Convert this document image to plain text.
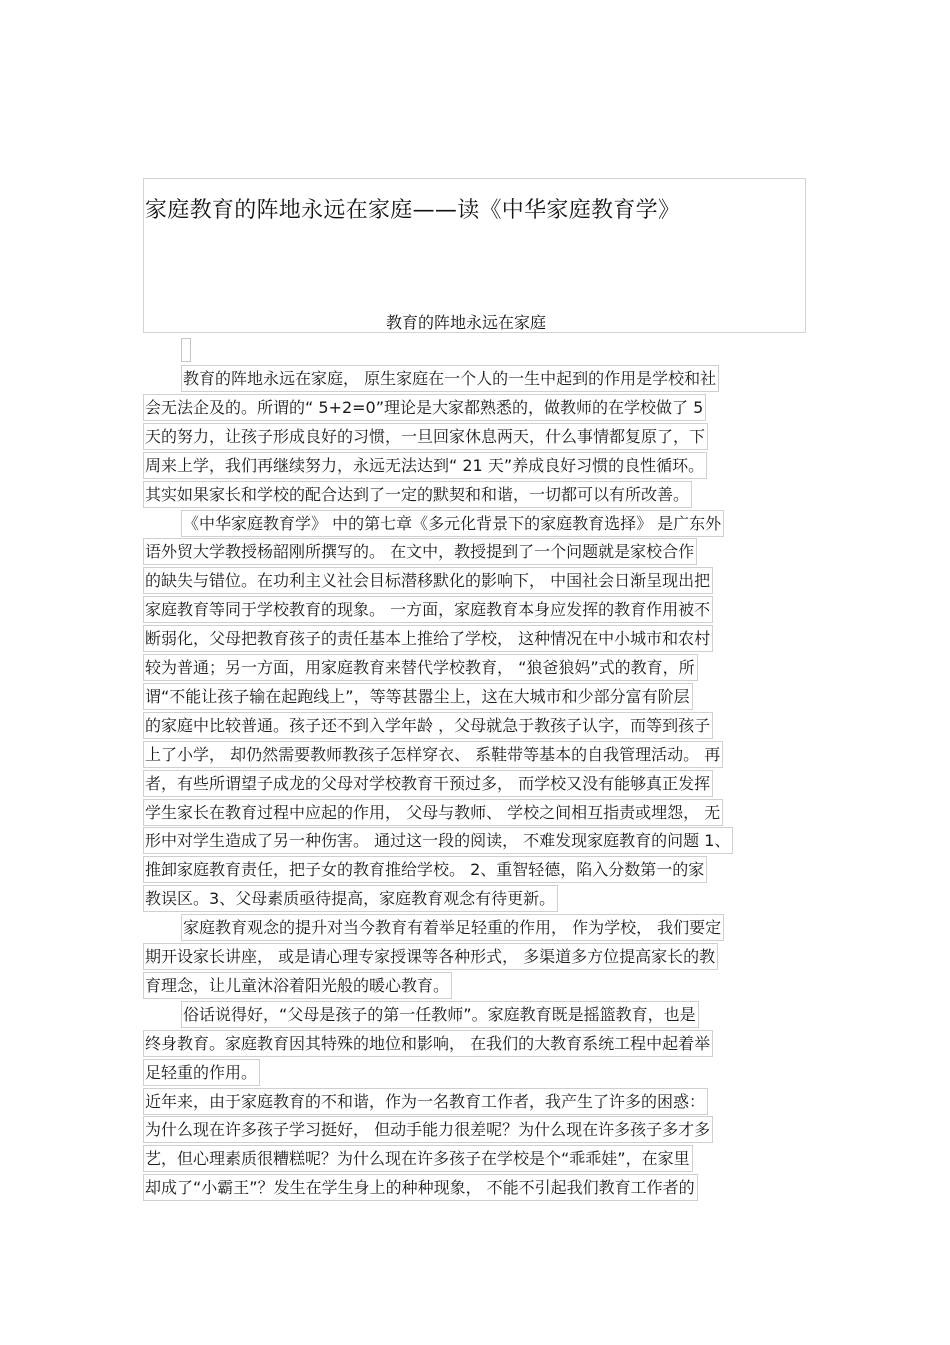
家庭教育的阵地永远在家庭——读《中华家庭教育学》
教育的阵地永远在家庭
教育的阵地永远在家庭， 原生家庭在一个人的一生中起到的作用是学校和社
会无法企及的。所谓的“ 5+2=0”理论是大家都熟悉的，做教师的在学校做了 5
天的努力，让孩子形成良好的习惯，一旦回家休息两天，什么事情都复原了，下
周来上学，我们再继续努力，永远无法达到“ 21 天”养成良好习惯的良性循环。
其实如果家长和学校的配合达到了一定的默契和和谐，一切都可以有所改善。
《中华家庭教育学》 中的第七章《多元化背景下的家庭教育选择》 是广东外
语外贸大学教授杨韶刚所撰写的。 在文中，教授提到了一个问题就是家校合作
的缺失与错位。在功利主义社会目标潜移默化的影响下， 中国社会日渐呈现出把
家庭教育等同于学校教育的现象。 一方面，家庭教育本身应发挥的教育作用被不
断弱化，父母把教育孩子的责任基本上推给了学校， 这种情况在中小城市和农村
较为普通；另一方面，用家庭教育来替代学校教育， “狼爸狼妈”式的教育，所
谓“不能让孩子输在起跑线上”，等等甚嚣尘上，这在大城市和少部分富有阶层
的家庭中比较普通。孩子还不到入学年龄 ，父母就急于教孩子认字，而等到孩子
上了小学， 却仍然需要教师教孩子怎样穿衣、 系鞋带等基本的自我管理活动。 再
者，有些所谓望子成龙的父母对学校教育干预过多， 而学校又没有能够真正发挥
学生家长在教育过程中应起的作用， 父母与教师、 学校之间相互指责或埋怨， 无
形中对学生造成了另一种伤害。 通过这一段的阅读， 不难发现家庭教育的问题 1、
推卸家庭教育责任，把子女的教育推给学校。 2、重智轻德，陷入分数第一的家
教误区。3、父母素质亟待提高，家庭教育观念有待更新。
家庭教育观念的提升对当今教育有着举足轻重的作用， 作为学校， 我们要定
期开设家长讲座， 或是请心理专家授课等各种形式， 多渠道多方位提高家长的教
育理念，让儿童沐浴着阳光般的暖心教育。
俗话说得好，“父母是孩子的第一任教师”。家庭教育既是摇篮教育，也是
终身教育。家庭教育因其特殊的地位和影响， 在我们的大教育系统工程中起着举
足轻重的作用。
近年来，由于家庭教育的不和谐，作为一名教育工作者，我产生了许多的困惑：
为什么现在许多孩子学习挺好， 但动手能力很差呢？为什么现在许多孩子多才多
艺，但心理素质很糟糕呢？为什么现在许多孩子在学校是个“乖乖娃”，在家里
却成了“小霸王”？发生在学生身上的种种现象， 不能不引起我们教育工作者的
